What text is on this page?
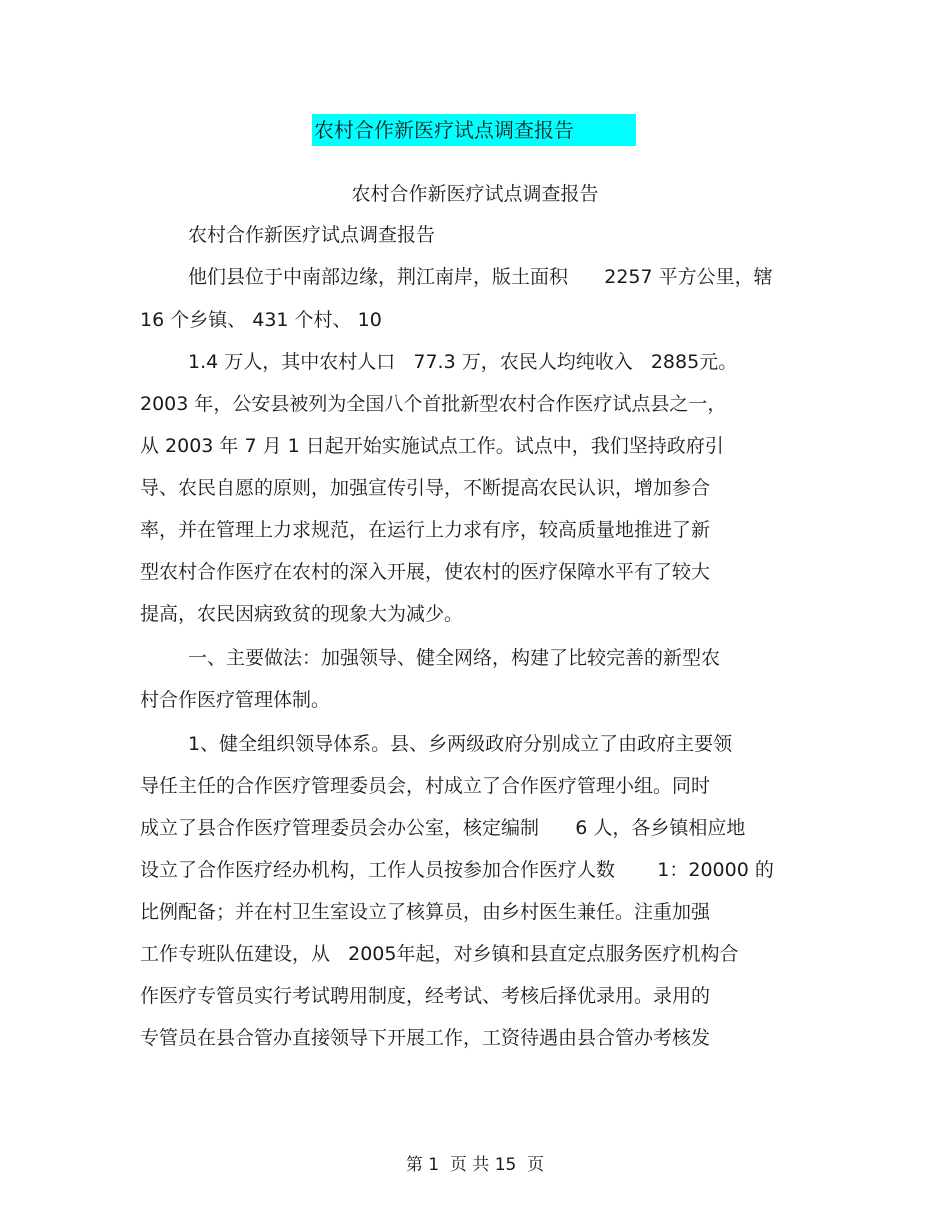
农村合作新医疗试点调查报告
农村合作新医疗试点调查报告
农村合作新医疗试点调查报告
他们县位于中南部边缘，荆江南岸，版土面积      2257 平方公里，辖
16 个乡镇、 431 个村、 10
1.4 万人，其中农村人口   77.3 万，农民人均纯收入   2885元。
2003 年，公安县被列为全国八个首批新型农村合作医疗试点县之一，
从 2003 年 7 月 1 日起开始实施试点工作。试点中，我们坚持政府引
导、农民自愿的原则，加强宣传引导，不断提高农民认识，增加参合
率，并在管理上力求规范，在运行上力求有序，较高质量地推进了新
型农村合作医疗在农村的深入开展，使农村的医疗保障水平有了较大
提高，农民因病致贫的现象大为减少。
一、主要做法：加强领导、健全网络，构建了比较完善的新型农
村合作医疗管理体制。
1、健全组织领导体系。县、乡两级政府分别成立了由政府主要领
导任主任的合作医疗管理委员会，村成立了合作医疗管理小组。同时
成立了县合作医疗管理委员会办公室，核定编制      6 人，各乡镇相应地
设立了合作医疗经办机构，工作人员按参加合作医疗人数       1：20000 的
比例配备；并在村卫生室设立了核算员，由乡村医生兼任。注重加强
工作专班队伍建设，从   2005年起，对乡镇和县直定点服务医疗机构合
作医疗专管员实行考试聘用制度，经考试、考核后择优录用。录用的
专管员在县合管办直接领导下开展工作，工资待遇由县合管办考核发
第 1  页 共 15  页
